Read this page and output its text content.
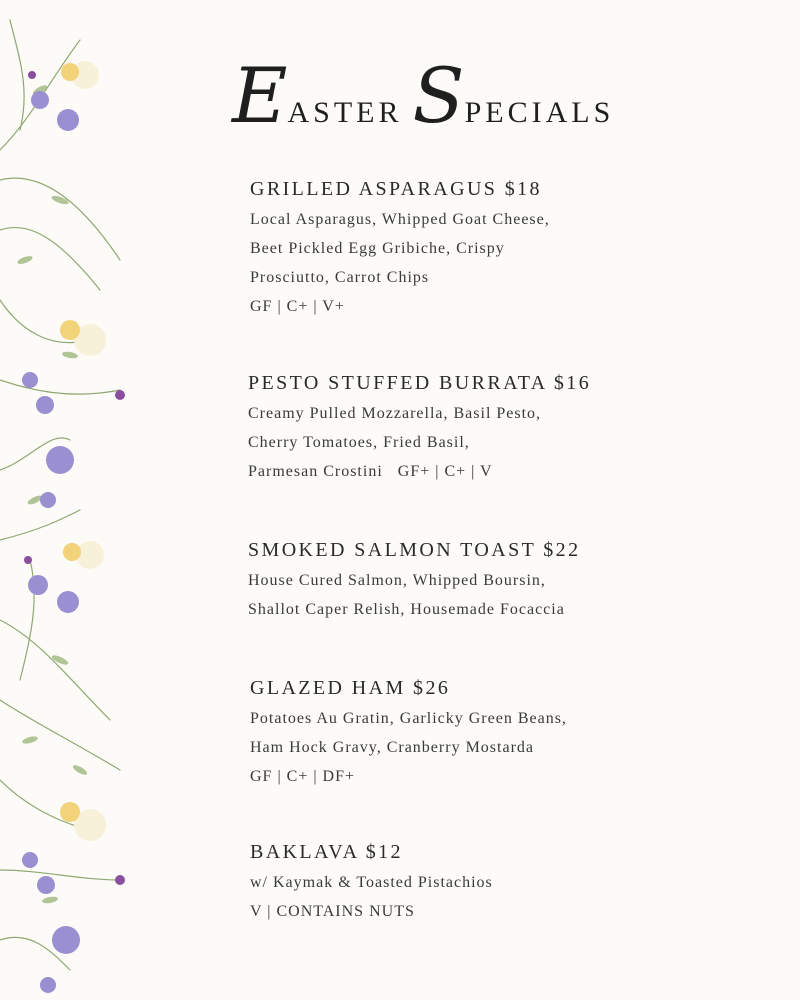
EASTER SPECIALS
GRILLED ASPARAGUS $18
Local Asparagus, Whipped Goat Cheese,
Beet Pickled Egg Gribiche, Crispy
Prosciutto, Carrot Chips
GF | C+ | V+
PESTO STUFFED BURRATA $16
Creamy Pulled Mozzarella, Basil Pesto,
Cherry Tomatoes, Fried Basil,
Parmesan Crostini   GF+ | C+ | V
SMOKED SALMON TOAST $22
House Cured Salmon, Whipped Boursin,
Shallot Caper Relish, Housemade Focaccia
GLAZED HAM $26
Potatoes Au Gratin, Garlicky Green Beans,
Ham Hock Gravy, Cranberry Mostarda
GF | C+ | DF+
BAKLAVA $12
w/ Kaymak & Toasted Pistachios
V | CONTAINS NUTS
